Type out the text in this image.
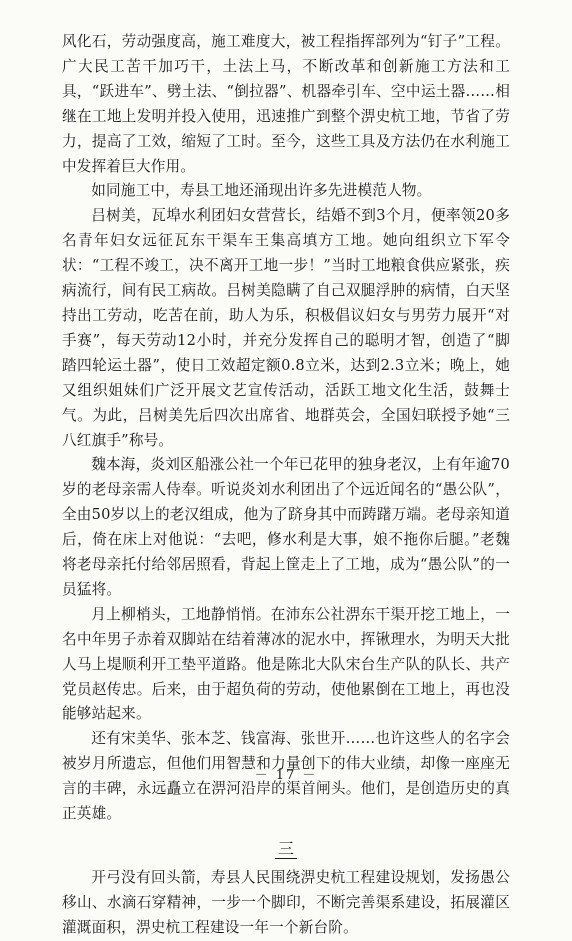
风化石，劳动强度高，施工难度大，被工程指挥部列为“钉子”工程。广大民工苦干加巧干，土法上马，不断改革和创新施工方法和工具，“跃进车”、劈土法、“倒拉器”、机器牵引车、空中运土器……相继在工地上发明并投入使用，迅速推广到整个淠史杭工地，节省了劳力，提高了工效，缩短了工时。至今，这些工具及方法仍在水利施工中发挥着巨大作用。

如同施工中，寿县工地还涌现出许多先进模范人物。

吕树美，瓦埠水利团妇女营营长，结婚不到3个月，便率领20多名青年妇女远征瓦东干渠车王集高填方工地。她向组织立下军令状：“工程不竣工，决不离开工地一步！”当时工地粮食供应紧张，疾病流行，间有民工病故。吕树美隐瞒了自己双腿浮肿的病情，白天坚持出工劳动，吃苦在前，助人为乐，积极倡议妇女与男劳力展开“对手赛”，每天劳动12小时，并充分发挥自己的聪明才智，创造了“脚踏四轮运土器”，使日工效超定额0.8立米，达到2.3立米；晚上，她又组织姐妹们广泛开展文艺宣传活动，活跃工地文化生活，鼓舞士气。为此，吕树美先后四次出席省、地群英会，全国妇联授予她“三八红旗手”称号。

魏本海，炎刘区船涨公社一个年已花甲的独身老汉，上有年逾70岁的老母亲需人侍奉。听说炎刘水利团出了个远近闻名的“愚公队”，全由50岁以上的老汉组成，他为了跻身其中而踌躇万端。老母亲知道后，倚在床上对他说：“去吧，修水利是大事，娘不拖你后腿。”老魏将老母亲托付给邻居照看，背起上筐走上了工地，成为“愚公队”的一员猛将。

月上柳梢头，工地静悄悄。在沛东公社淠东干渠开挖工地上，一名中年男子赤着双脚站在结着薄冰的泥水中，挥锹理水，为明天大批人马上堤顺利开工垫平道路。他是陈北大队宋台生产队的队长、共产党员赵传忠。后来，由于超负荷的劳动，使他累倒在工地上，再也没能够站起来。

还有宋美华、张本芝、钱富海、张世开……也许这些人的名字会被岁月所遗忘，但他们用智慧和力量创下的伟大业绩，却像一座座无言的丰碑，永远矗立在淠河沿岸的渠首闸头。他们，是创造历史的真正英雄。

三

开弓没有回头箭，寿县人民围绕淠史杭工程建设规划，发扬愚公移山、水滴石穿精神，一步一个脚印，不断完善渠系建设，拓展灌区灌溉面积，淠史杭工程建设一年一个新台阶。

－ 17 －
